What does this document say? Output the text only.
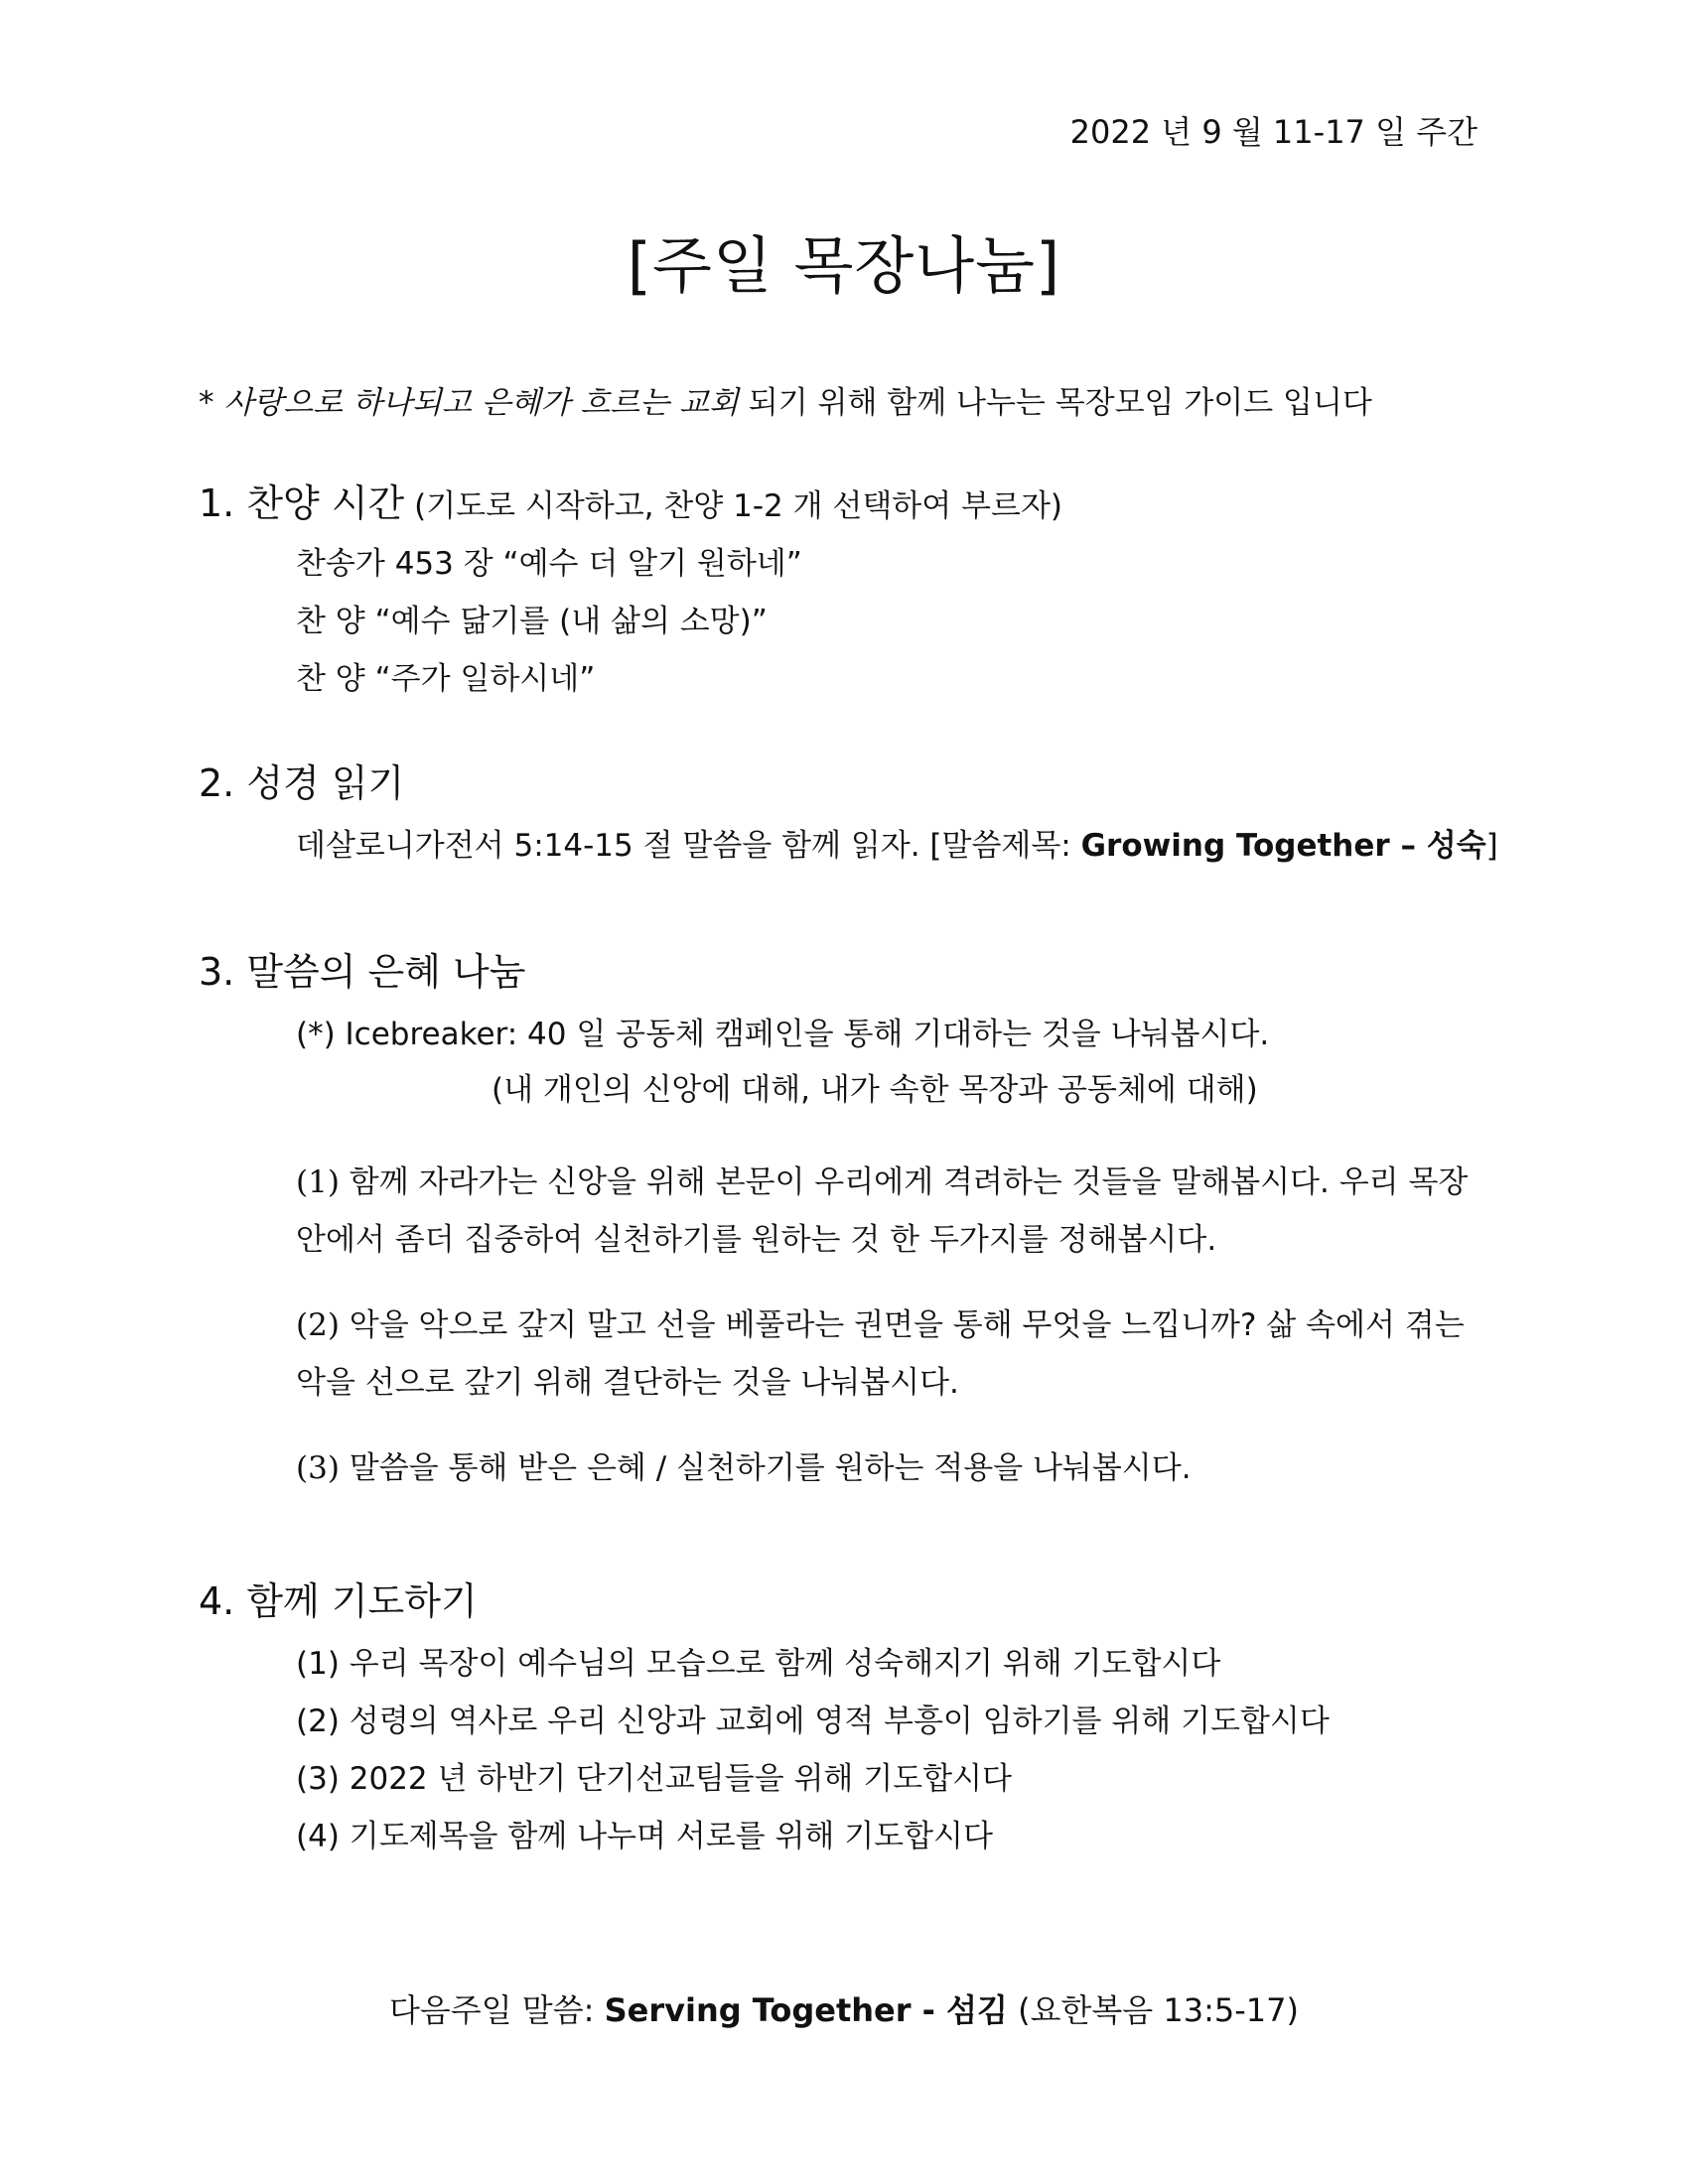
2022 년 9 월 11-17 일 주간
[주일 목장나눔]
* 사랑으로 하나되고 은혜가 흐르는 교회 되기 위해 함께 나누는 목장모임 가이드 입니다
1. 찬양 시간 (기도로 시작하고, 찬양 1-2 개 선택하여 부르자)
찬송가 453 장 “예수 더 알기 원하네”
찬 양 “예수 닮기를 (내 삶의 소망)”
찬 양 “주가 일하시네”
2. 성경 읽기
데살로니가전서 5:14-15 절 말씀을 함께 읽자. [말씀제목: Growing Together – 성숙]
3. 말씀의 은혜 나눔
(*) Icebreaker: 40 일 공동체 캠페인을 통해 기대하는 것을 나눠봅시다.
(내 개인의 신앙에 대해, 내가 속한 목장과 공동체에 대해)
(1) 함께 자라가는 신앙을 위해 본문이 우리에게 격려하는 것들을 말해봅시다. 우리 목장 안에서 좀더 집중하여 실천하기를 원하는 것 한 두가지를 정해봅시다.
(2) 악을 악으로 갚지 말고 선을 베풀라는 권면을 통해 무엇을 느낍니까? 삶 속에서 겪는 악을 선으로 갚기 위해 결단하는 것을 나눠봅시다.
(3) 말씀을 통해 받은 은혜 / 실천하기를 원하는 적용을 나눠봅시다.
4. 함께 기도하기
(1) 우리 목장이 예수님의 모습으로 함께 성숙해지기 위해 기도합시다
(2) 성령의 역사로 우리 신앙과 교회에 영적 부흥이 임하기를 위해 기도합시다
(3) 2022 년 하반기 단기선교팀들을 위해 기도합시다
(4) 기도제목을 함께 나누며 서로를 위해 기도합시다
다음주일 말씀: Serving Together - 섬김 (요한복음 13:5-17)
